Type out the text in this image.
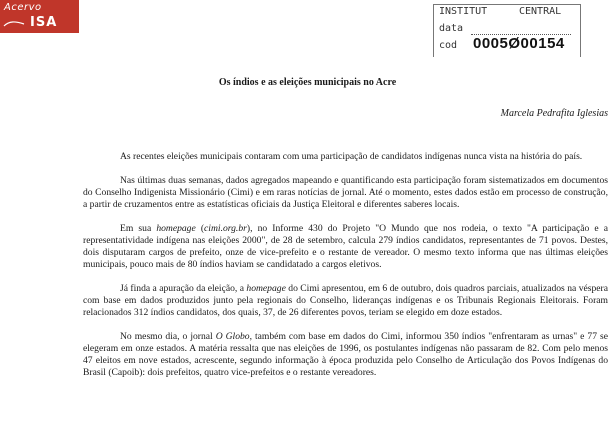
Acervo
ISA
INSTITUT	CENTRAL
data
cod 0005Ø00154
Os índios e as eleições municipais no Acre
Marcela Pedrafita Iglesias

As recentes eleições municipais contaram com uma participação de candidatos indígenas nunca vista na história do país.

Nas últimas duas semanas, dados agregados mapeando e quantificando esta participação foram sistematizados em documentos do Conselho Indigenista Missionário (Cimi) e em raras notícias de jornal. Até o momento, estes dados estão em processo de construção, a partir de cruzamentos entre as estatísticas oficiais da Justiça Eleitoral e diferentes saberes locais.

Em sua homepage (cimi.org.br), no Informe 430 do Projeto "O Mundo que nos rodeia, o texto "A participação e a representatividade indígena nas eleições 2000", de 28 de setembro, calcula 279 índios candidatos, representantes de 71 povos. Destes, dois disputaram cargos de prefeito, onze de vice-prefeito e o restante de vereador. O mesmo texto informa que nas últimas eleições municipais, pouco mais de 80 índios haviam se candidatado a cargos eletivos.

Já finda a apuração da eleição, a homepage do Cimi apresentou, em 6 de outubro, dois quadros parciais, atualizados na véspera com base em dados produzidos junto pela regionais do Conselho, lideranças indígenas e os Tribunais Regionais Eleitorais. Foram relacionados 312 índios candidatos, dos quais, 37, de 26 diferentes povos, teriam se elegido em doze estados.

No mesmo dia, o jornal O Globo, também com base em dados do Cimi, informou 350 índios "enfrentaram as urnas" e 77 se elegeram em onze estados. A matéria ressalta que nas eleições de 1996, os postulantes indígenas não passaram de 82. Com pelo menos 47 eleitos em nove estados, acrescente, segundo informação à época produzida pelo Conselho de Articulação dos Povos Indígenas do Brasil (Capoib): dois prefeitos, quatro vice-prefeitos e o restante vereadores.
